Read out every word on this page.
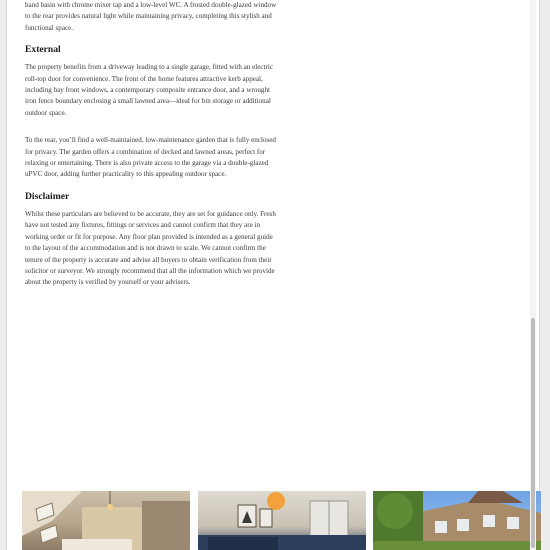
hand basin with chrome mixer tap and a low-level WC. A frosted double-glazed window to the rear provides natural light while maintaining privacy, completing this stylish and functional space.

External

The property benefits from a driveway leading to a single garage, fitted with an electric roll-top door for convenience. The front of the home features attractive kerb appeal, including bay front windows, a contemporary composite entrance door, and a wrought iron fence boundary enclosing a small lawned area—ideal for bin storage or additional outdoor space.

To the rear, you’ll find a well-maintained, low-maintenance garden that is fully enclosed for privacy. The garden offers a combination of decked and lawned areas, perfect for relaxing or entertaining. There is also private access to the garage via a double-glazed uPVC door, adding further practicality to this appealing outdoor space.

Disclaimer

Whilst these particulars are believed to be accurate, they are set for guidance only. Fresh have not tested any fixtures, fittings or services and cannot confirm that they are in working order or fit for purpose. Any floor plan provided is intended as a general guide to the layout of the accommodation and is not drawn to scale. We cannot confirm the tenure of the property is accurate and advise all buyers to obtain verification from their solicitor or surveyor. We strongly recommend that all the information which we provide about the property is verified by yourself or your advisers.
